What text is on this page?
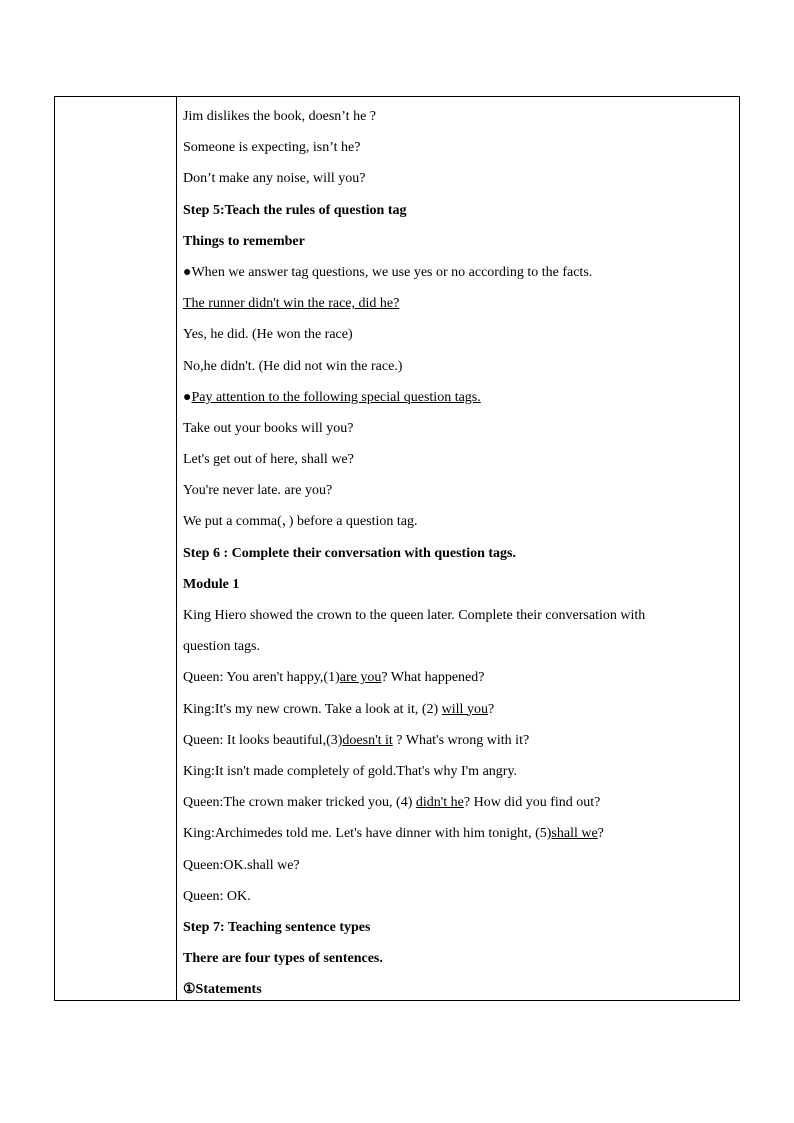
Jim dislikes the book, doesn’t he ?
Someone is expecting, isn’t he?
Don’t make any noise, will you?
Step 5:Teach the rules of question tag
Things to remember
●When we answer tag questions, we use yes or no according to the facts.
The runner didn't win the race, did he?
Yes, he did. (He won the race)
No,he didn't. (He did not win the race.)
●Pay attention to the following special question tags.
Take out your books will you?
Let's get out of here, shall we?
You're never late. are you?
We put a comma(，) before a question tag.
Step 6 : Complete their conversation with question tags.
Module 1
King Hiero showed the crown to the queen later. Complete their conversation with
question tags.
Queen: You aren't happy,(1)are you? What happened?
King:It's my new crown. Take a look at it, (2) will you?
Queen: It looks beautiful,(3)doesn't it ? What's wrong with it?
King:It isn't made completely of gold.That's why I'm angry.
Queen:The crown maker tricked you, (4) didn't he? How did you find out?
King:Archimedes told me. Let's have dinner with him tonight, (5)shall we?
Queen:OK.shall we?
Queen: OK.
Step 7: Teaching sentence types
There are four types of sentences.
①Statements
